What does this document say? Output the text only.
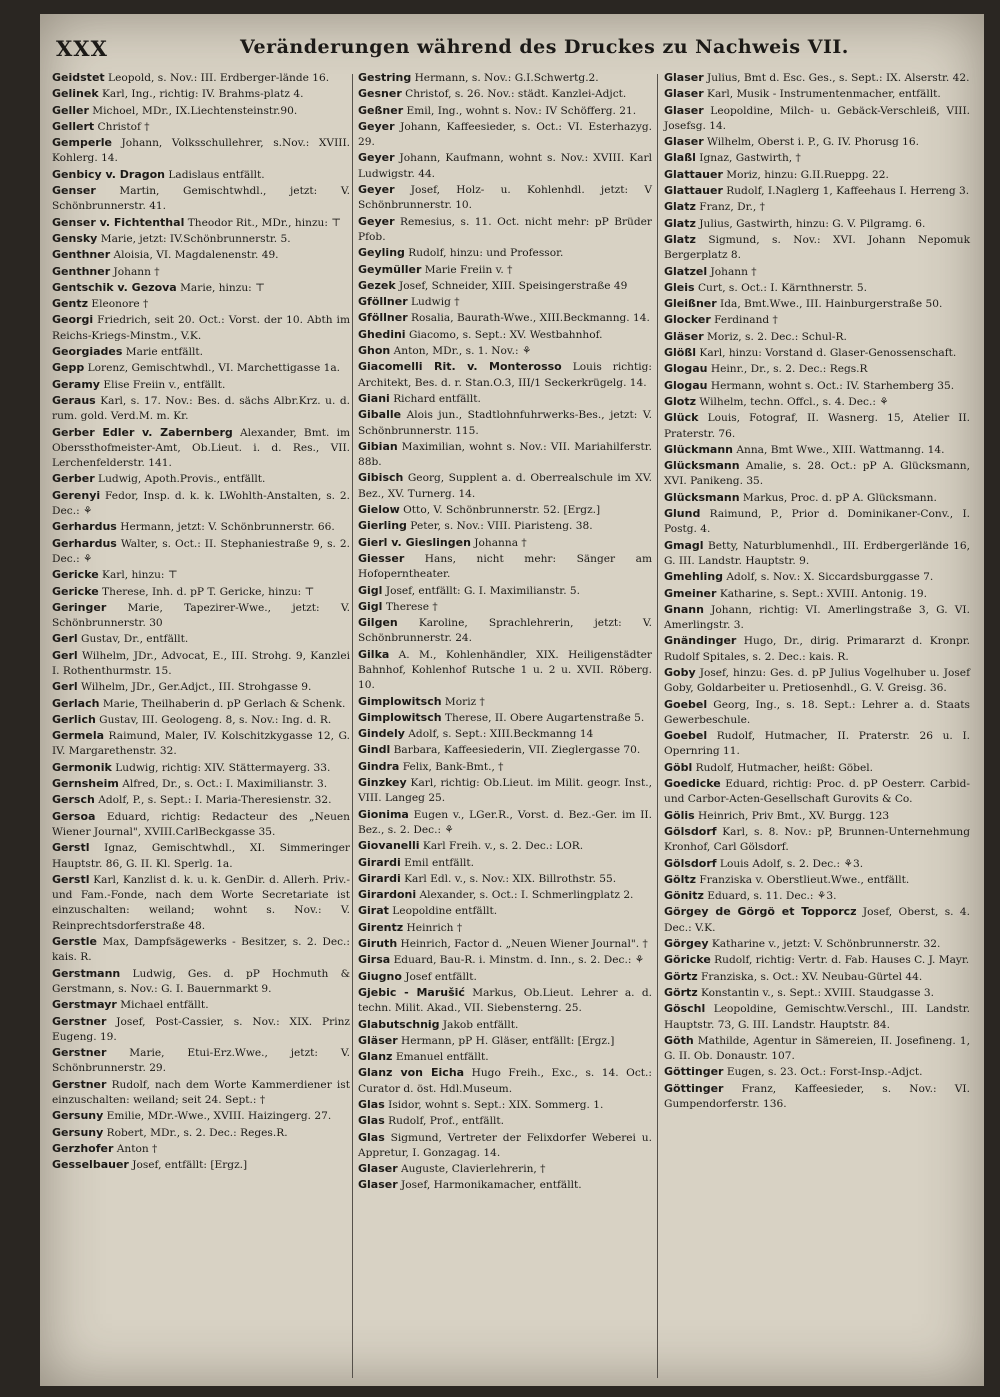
XXX	Veränderungen während des Druckes zu Nachweis VII.

Geidstet Leopold, s. Nov.: III. Erdberger-lände 16.

Gelinek Karl, Ing., richtig: IV. Brahms-platz 4.

Geller Michoel, MDr., IX.Liechtensteinstr.90.

Gellert Christof †

Gemperle Johann, Volksschullehrer, s.Nov.: XVIII. Kohlerg. 14.

Genbicy v. Dragon Ladislaus entfällt.

Genser Martin, Gemischtwhdl., jetzt: V. Schönbrunnerstr. 41.

Genser v. Fichtenthal Theodor Rit., MDr., hinzu: ⊤

Gensky Marie, jetzt: IV.Schönbrunnerstr. 5.

Genthner Aloisia, VI. Magdalenenstr. 49.

Genthner Johann †

Gentschik v. Gezova Marie, hinzu: ⊤

Gentz Eleonore †

Georgi Friedrich, seit 20. Oct.: Vorst. der 10. Abth im Reichs-Kriegs-Minstm., V.K.

Georgiades Marie entfällt.

Gepp Lorenz, Gemischtwhdl., VI. Marchettigasse 1a.

Geramy Elise Freiin v., entfällt.

Geraus Karl, s. 17. Nov.: Bes. d. sächs Albr.Krz. u. d. rum. gold. Verd.M. m. Kr.

Gerber Edler v. Zabernberg Alexander, Bmt. im Oberssthofmeister-Amt, Ob.Lieut. i. d. Res., VII. Lerchenfelderstr. 141.

Gerber Ludwig, Apoth.Provis., entfällt.

Gerenyi Fedor, Insp. d. k. k. LWohlth-Anstalten, s. 2. Dec.: ⚘

Gerhardus Hermann, jetzt: V. Schönbrunnerstr. 66.

Gerhardus Walter, s. Oct.: II. Stephaniestraße 9, s. 2. Dec.: ⚘

Gericke Karl, hinzu: ⊤

Gericke Therese, Inh. d. pP T. Gericke, hinzu: ⊤

Geringer Marie, Tapezirer-Wwe., jetzt: V. Schönbrunnerstr. 30

Gerl Gustav, Dr., entfällt.

Gerl Wilhelm, JDr., Advocat, E., III. Strohg. 9, Kanzlei I. Rothenthurmstr. 15.

Gerl Wilhelm, JDr., Ger.Adjct., III. Strohgasse 9.

Gerlach Marie, Theilhaberin d. pP Gerlach & Schenk.

Gerlich Gustav, III. Geologeng. 8, s. Nov.: Ing. d. R.

Germela Raimund, Maler, IV. Kolschitzkygasse 12, G. IV. Margarethenstr. 32.

Germonik Ludwig, richtig: XIV. Stättermayerg. 33.

Gernsheim Alfred, Dr., s. Oct.: I. Maximilianstr. 3.

Gersch Adolf, P., s. Sept.: I. Maria-Theresienstr. 32.

Gersoa Eduard, richtig: Redacteur des „Neuen Wiener Journal", XVIII.CarlBeckgasse 35.

Gerstl Ignaz, Gemischtwhdl., XI. Simmeringer Hauptstr. 86, G. II. Kl. Sperlg. 1a.

Gerstl Karl, Kanzlist d. k. u. k. GenDir. d. Allerh. Priv.- und Fam.-Fonde, nach dem Worte Secretariate ist einzuschalten: weiland; wohnt s. Nov.: V. Reinprechtsdorferstraße 48.

Gerstle Max, Dampfsägewerks - Besitzer, s. 2. Dec.: kais. R.

Gerstmann Ludwig, Ges. d. pP Hochmuth & Gerstmann, s. Nov.: G. I. Bauernmarkt 9.

Gerstmayr Michael entfällt.

Gerstner Josef, Post-Cassier, s. Nov.: XIX. Prinz Eugeng. 19.

Gerstner Marie, Etui-Erz.Wwe., jetzt: V. Schönbrunnerstr. 29.

Gerstner Rudolf, nach dem Worte Kammerdiener ist einzuschalten: weiland; seit 24. Sept.: †

Gersuny Emilie, MDr.-Wwe., XVIII. Haizingerg. 27.

Gersuny Robert, MDr., s. 2. Dec.: Reges.R.

Gerzhofer Anton †

Gesselbauer Josef, entfällt: [Ergz.]

Gestring Hermann, s. Nov.: G.I.Schwertg.2.

Gesner Christof, s. 26. Nov.: städt. Kanzlei-Adjct.

Geßner Emil, Ing., wohnt s. Nov.: IV Schöfferg. 21.

Geyer Johann, Kaffeesieder, s. Oct.: VI. Esterhazyg. 29.

Geyer Johann, Kaufmann, wohnt s. Nov.: XVIII. Karl Ludwigstr. 44.

Geyer Josef, Holz- u. Kohlenhdl. jetzt: V Schönbrunnerstr. 10.

Geyer Remesius, s. 11. Oct. nicht mehr: pP Brüder Pfob.

Geyling Rudolf, hinzu: und Professor.

Geymüller Marie Freiin v. †

Gezek Josef, Schneider, XIII. Speisingerstraße 49

Gföllner Ludwig †

Gföllner Rosalia, Baurath-Wwe., XIII.Beckmanng. 14.

Ghedini Giacomo, s. Sept.: XV. Westbahnhof.

Ghon Anton, MDr., s. 1. Nov.: ⚘

Giacomelli Rit. v. Monterosso Louis richtig: Architekt, Bes. d. r. Stan.O.3, III/1 Seckerkrügelg. 14.

Giani Richard entfällt.

Giballe Alois jun., Stadtlohnfuhrwerks-Bes., jetzt: V. Schönbrunnerstr. 115.

Gibian Maximilian, wohnt s. Nov.: VII. Mariahilferstr. 88b.

Gibisch Georg, Supplent a. d. Oberrealschule im XV. Bez., XV. Turnerg. 14.

Gielow Otto, V. Schönbrunnerstr. 52. [Ergz.]

Gierling Peter, s. Nov.: VIII. Piaristeng. 38.

Gierl v. Gieslingen Johanna †

Giesser Hans, nicht mehr: Sänger am Hofoperntheater.

Gigl Josef, entfällt: G. I. Maximilianstr. 5.

Gigl Therese †

Gilgen Karoline, Sprachlehrerin, jetzt: V. Schönbrunnerstr. 24.

Gilka A. M., Kohlenhändler, XIX. Heiligenstädter Bahnhof, Kohlenhof Rutsche 1 u. 2 u. XVII. Röberg. 10.

Gimplowitsch Moriz †

Gimplowitsch Therese, II. Obere Augartenstraße 5.

Gindely Adolf, s. Sept.: XIII.Beckmanng 14

Gindl Barbara, Kaffeesiederin, VII. Zieglergasse 70.

Gindra Felix, Bank-Bmt., †

Ginzkey Karl, richtig: Ob.Lieut. im Milit. geogr. Inst., VIII. Langeg 25.

Gionima Eugen v., LGer.R., Vorst. d. Bez.-Ger. im II. Bez., s. 2. Dec.: ⚘

Giovanelli Karl Freih. v., s. 2. Dec.: LOR.

Girardi Emil entfällt.

Girardi Karl Edl. v., s. Nov.: XIX. Billrothstr. 55.

Girardoni Alexander, s. Oct.: I. Schmerlingplatz 2.

Girat Leopoldine entfällt.

Girentz Heinrich †

Giruth Heinrich, Factor d. „Neuen Wiener Journal". †

Girsa Eduard, Bau-R. i. Minstm. d. Inn., s. 2. Dec.: ⚘

Giugno Josef entfällt.

Gjebic - Marušić Markus, Ob.Lieut. Lehrer a. d. techn. Milit. Akad., VII. Siebensterng. 25.

Glabutschnig Jakob entfällt.

Gläser Hermann, pP H. Gläser, entfällt: [Ergz.]

Glanz Emanuel entfällt.

Glanz von Eicha Hugo Freih., Exc., s. 14. Oct.: Curator d. öst. Hdl.Museum.

Glas Isidor, wohnt s. Sept.: XIX. Sommerg. 1.

Glas Rudolf, Prof., entfällt.

Glas Sigmund, Vertreter der Felixdorfer Weberei u. Appretur, I. Gonzagag. 14.

Glaser Auguste, Clavierlehrerin, †

Glaser Josef, Harmonikamacher, entfällt.

Glaser Julius, Bmt d. Esc. Ges., s. Sept.: IX. Alserstr. 42.

Glaser Karl, Musik - Instrumentenmacher, entfällt.

Glaser Leopoldine, Milch- u. Gebäck-Verschleiß, VIII. Josefsg. 14.

Glaser Wilhelm, Oberst i. P., G. IV. Phorusg 16.

Glaßl Ignaz, Gastwirth, †

Glattauer Moriz, hinzu: G.II.Rueppg. 22.

Glattauer Rudolf, I.Naglerg 1, Kaffeehaus I. Herreng 3.

Glatz Franz, Dr., †

Glatz Julius, Gastwirth, hinzu: G. V. Pilgramg. 6.

Glatz Sigmund, s. Nov.: XVI. Johann Nepomuk Bergerplatz 8.

Glatzel Johann †

Gleis Curt, s. Oct.: I. Kärnthnerstr. 5.

Gleißner Ida, Bmt.Wwe., III. Hainburgerstraße 50.

Glocker Ferdinand †

Gläser Moriz, s. 2. Dec.: Schul-R.

Glößl Karl, hinzu: Vorstand d. Glaser-Genossenschaft.

Glogau Heinr., Dr., s. 2. Dec.: Regs.R

Glogau Hermann, wohnt s. Oct.: IV. Starhemberg 35.

Glotz Wilhelm, techn. Offcl., s. 4. Dec.: ⚘

Glück Louis, Fotograf, II. Wasnerg. 15, Atelier II. Praterstr. 76.

Glückmann Anna, Bmt Wwe., XIII. Wattmanng. 14.

Glücksmann Amalie, s. 28. Oct.: pP A. Glücksmann, XVI. Panikeng. 35.

Glücksmann Markus, Proc. d. pP A. Glücksmann.

Glund Raimund, P., Prior d. Dominikaner-Conv., I. Postg. 4.

Gmagl Betty, Naturblumenhdl., III. Erdbergerlände 16, G. III. Landstr. Hauptstr. 9.

Gmehling Adolf, s. Nov.: X. Siccardsburggasse 7.

Gmeiner Katharine, s. Sept.: XVIII. Antonig. 19.

Gnann Johann, richtig: VI. Amerlingstraße 3, G. VI. Amerlingstr. 3.

Gnändinger Hugo, Dr., dirig. Primararzt d. Kronpr. Rudolf Spitales, s. 2. Dec.: kais. R.

Goby Josef, hinzu: Ges. d. pP Julius Vogelhuber u. Josef Goby, Goldarbeiter u. Pretiosenhdl., G. V. Greisg. 36.

Goebel Georg, Ing., s. 18. Sept.: Lehrer a. d. Staats Gewerbeschule.

Goebel Rudolf, Hutmacher, II. Praterstr. 26 u. I. Opernring 11.

Göbl Rudolf, Hutmacher, heißt: Göbel.

Goedicke Eduard, richtig: Proc. d. pP Oesterr. Carbid- und Carbor-Acten-Gesellschaft Gurovits & Co.

Gölis Heinrich, Priv Bmt., XV. Burgg. 123

Gölsdorf Karl, s. 8. Nov.: pP, Brunnen-Unternehmung Kronhof, Carl Gölsdorf.

Gölsdorf Louis Adolf, s. 2. Dec.: ⚘3.

Göltz Franziska v. Oberstlieut.Wwe., entfällt.

Gönitz Eduard, s. 11. Dec.: ⚘3.

Görgey de Görgö et Topporcz Josef, Oberst, s. 4. Dec.: V.K.

Görgey Katharine v., jetzt: V. Schönbrunnerstr. 32.

Göricke Rudolf, richtig: Vertr. d. Fab. Hauses C. J. Mayr.

Görtz Franziska, s. Oct.: XV. Neubau-Gürtel 44.

Görtz Konstantin v., s. Sept.: XVIII. Staudgasse 3.

Göschl Leopoldine, Gemischtw.Verschl., III. Landstr. Hauptstr. 73, G. III. Landstr. Hauptstr. 84.

Göth Mathilde, Agentur in Sämereien, II. Josefineng. 1, G. II. Ob. Donaustr. 107.

Göttinger Eugen, s. 23. Oct.: Forst-Insp.-Adjct.

Göttinger Franz, Kaffeesieder, s. Nov.: VI. Gumpendorferstr. 136.
